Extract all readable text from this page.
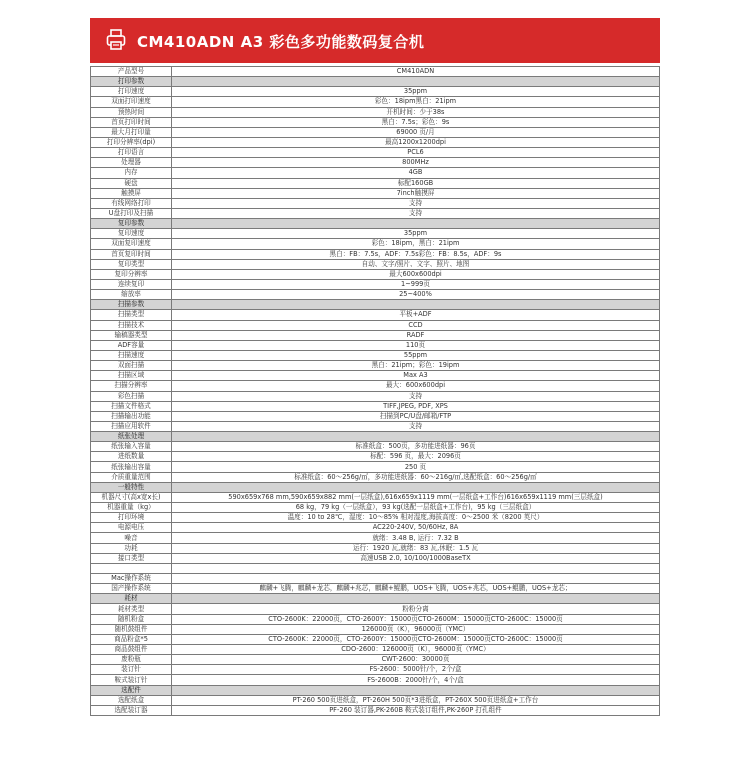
CM410ADN A3 彩色多功能数码复合机
产品型号	CM410ADN
打印参数	
打印速度	35ppm
双面打印速度	彩色：18ipm黑白：21ipm
预热时间	开机时间：少于38s
首页打印时间	黑白：7.5s；彩色：9s
最大月打印量	69000 页/月
打印分辨率(dpi)	最高1200x1200dpi
打印语言	PCL6
处理器	800MHz
内存	4GB
硬盘	标配160GB
触摸屏	7inch触摸屏
有线网络打印	支持
U盘打印及扫描	支持
复印参数	
复印速度	35ppm
双面复印速度	彩色：18ipm，黑白：21ipm
首页复印时间	黑白：FB：7.5s，ADF：7.5s彩色：FB：8.5s，ADF：9s
复印类型	自动、文字/照片、文字、照片、地图
复印分辨率	最大600x600dpi
连续复印	1~999页
缩放率	25~400%
扫描参数	
扫描类型	平板+ADF
扫描技术	CCD
输稿器类型	RADF
ADF容量	110页
扫描速度	55ppm
双面扫描	黑白：21ipm；彩色：19ipm
扫描区域	Max A3
扫描分辨率	最大：600x600dpi
彩色扫描	支持
扫描文件格式	TIFF,JPEG, PDF, XPS
扫描输出功能	扫描到PC/U盘/邮箱/FTP
扫描应用软件	支持
纸张处理	
纸张输入容量	标准纸盒：500页，多功能进纸器：96页
进纸数量	标配：596 页，最大：2096页
纸张输出容量	250 页
介质重量范围	标准纸盒：60～256g/㎡，多功能进纸器：60～216g/㎡,选配纸盒：60～256g/㎡
一般特性	
机器尺寸(高x宽x长)	590x659x768 mm,590x659x882 mm(一层纸盒),616x659x1119 mm(一层纸盒+工作台)616x659x1119 mm(三层纸盒)
机器重量（kg）	68 kg，79 kg（一层纸盒），93 kg(选配一层纸盒+工作台)，95 kg（三层纸盒）
打印环境	温度：10 to 28℃，湿度：10～85% 相对湿度,海拔高度：0～2500 米（8200 英尺）
电源电压	AC220-240V, 50/60Hz, 8A
噪音	就绪：3.48 B, 运行：7.32 B
功耗	运行：1920 瓦,就绪：83 瓦,休眠：1.5 瓦
接口类型	高速USB 2.0, 10/100/1000BaseTX

Mac操作系统	
国产操作系统	麒麟+飞腾，麒麟+龙芯，麒麟+兆芯，麒麟+鲲鹏，UOS+飞腾，UOS+兆芯，UOS+鲲鹏，UOS+龙芯；
耗材	
耗材类型	粉粉分离
随机粉盒	CTO-2600K：22000页，CTO-2600Y：15000页CTO-2600M：15000页CTO-2600C：15000页
随机鼓组件	126000页（K），96000页（YMC）
商品粉盒*5	CTO-2600K：22000页，CTO-2600Y：15000页CTO-2600M：15000页CTO-2600C：15000页
商品鼓组件	CDO-2600：126000页（K），96000页（YMC）
废粉瓶	CWT-2600：30000页
装订针	FS-2600：5000针/个，2个/盒
鞍式装订针	FS-2600B：2000针/个，4个/盒
选配件	
选配纸盒	PT-260 500页进纸盒，PT-260H 500页*3进纸盒，PT-260X 500页进纸盒+工作台
选配装订器	PF-260 装订器,PK-260B 鞍式装订组件,PK-260P 打孔组件
